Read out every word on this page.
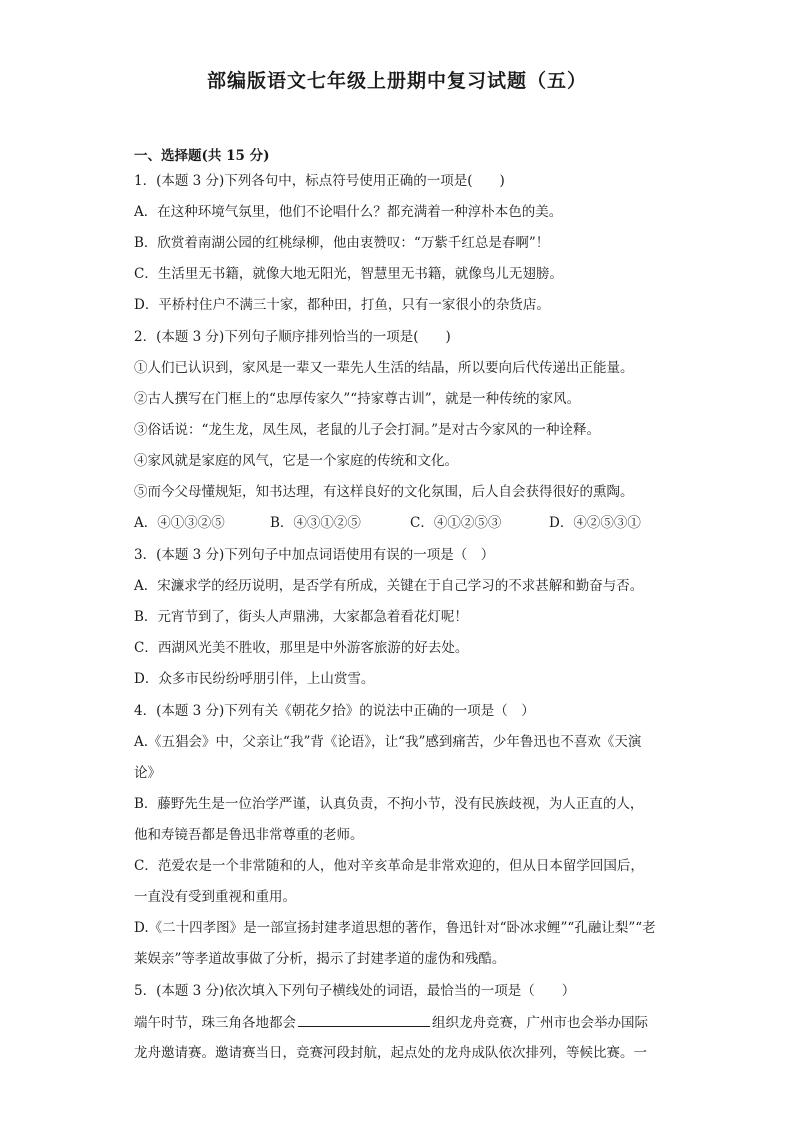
部编版语文七年级上册期中复习试题（五）
一、选择题(共 15 分)
1．(本题 3 分)下列各句中，标点符号使用正确的一项是(　　)
A．在这种环境气氛里，他们不论唱什么？都充满着一种淳朴本色的美。
B．欣赏着南湖公园的红桃绿柳，他由衷赞叹：“万紫千红总是春啊”！
C．生活里无书籍，就像大地无阳光，智慧里无书籍，就像鸟儿无翅膀。
D．平桥村住户不满三十家，都种田，打鱼，只有一家很小的杂货店。
2．(本题 3 分)下列句子顺序排列恰当的一项是(　　)
①人们已认识到，家风是一辈又一辈先人生活的结晶，所以要向后代传递出正能量。
②古人撰写在门框上的“忠厚传家久”“持家尊古训”，就是一种传统的家风。
③俗话说：“龙生龙，凤生凤，老鼠的儿子会打洞。”是对古今家风的一种诠释。
④家风就是家庭的风气，它是一个家庭的传统和文化。
⑤而今父母懂规矩，知书达理，有这样良好的文化氛围，后人自会获得很好的熏陶。
A．④①③②⑤	B．④③①②⑤	C．④①②⑤③	D．④②⑤③①
3．(本题 3 分)下列句子中加点词语使用有误的一项是（　）
A．宋濂求学的经历说明，是否学有所成，关键在于自己学习的不求甚解和勤奋与否。
B．元宵节到了，街头人声鼎沸，大家都急着看花灯呢！
C．西湖风光美不胜收，那里是中外游客旅游的好去处。
D．众多市民纷纷呼朋引伴，上山赏雪。
4．(本题 3 分)下列有关《朝花夕拾》的说法中正确的一项是（　）
A.《五猖会》中，父亲让“我”背《论语》，让“我”感到痛苦，少年鲁迅也不喜欢《天演
论》
B．藤野先生是一位治学严谨，认真负责，不拘小节，没有民族歧视，为人正直的人，
他和寿镜吾都是鲁迅非常尊重的老师。
C．范爱农是一个非常随和的人，他对辛亥革命是非常欢迎的，但从日本留学回国后，
一直没有受到重视和重用。
D.《二十四孝图》是一部宣扬封建孝道思想的著作，鲁迅针对“卧冰求鲤”“孔融让梨”“老
莱娱亲”等孝道故事做了分析，揭示了封建孝道的虚伪和残酷。
5．(本题 3 分)依次填入下列句子横线处的词语，最恰当的一项是（　　）
端午时节，珠三角各地都会	组织龙舟竞赛，广州市也会举办国际
龙舟邀请赛。邀请赛当日，竞赛河段封航，起点处的龙舟成队依次排列，等候比赛。一
